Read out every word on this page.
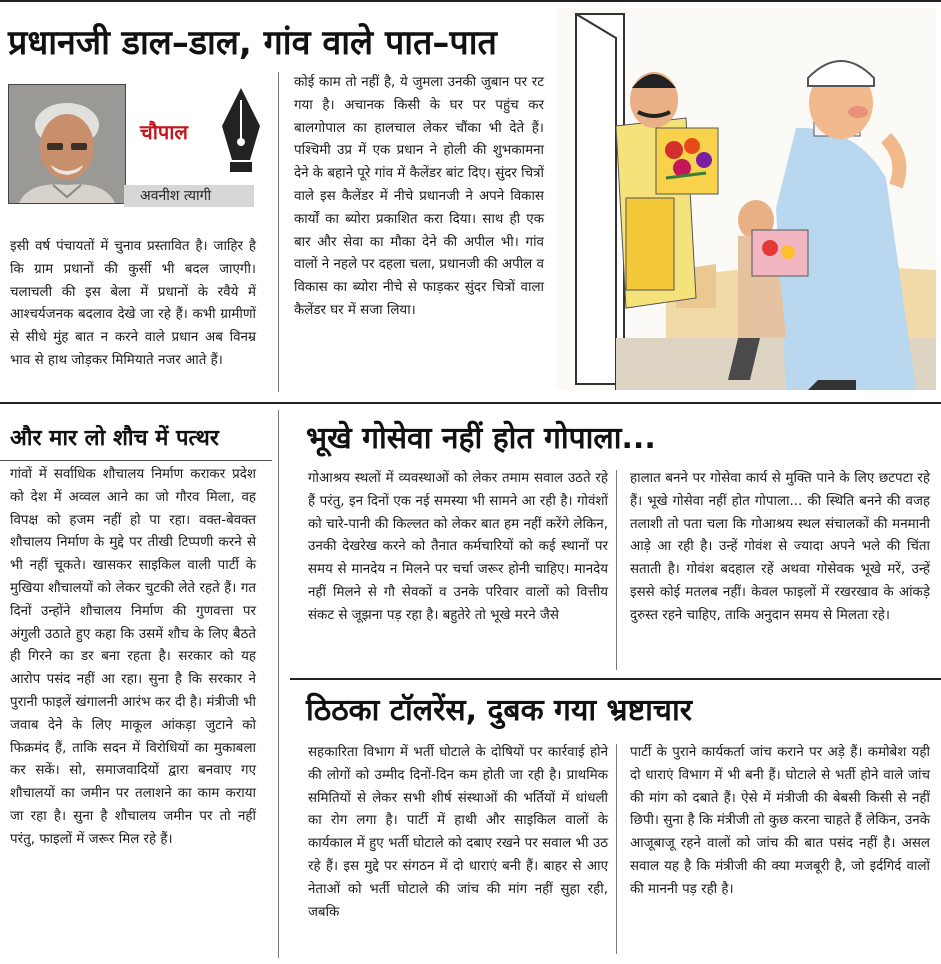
प्रधानजी डाल–डाल, गांव वाले पात–पात
चौपाल
अवनीश त्यागी
इसी वर्ष पंचायतों में चुनाव प्रस्तावित है। जाहिर है कि ग्राम प्रधानों की कुर्सी भी बदल जाएगी। चलाचली की इस बेला में प्रधानों के रवैये में आश्चर्यजनक बदलाव देखे जा रहे हैं। कभी ग्रामीणों से सीधे मुंह बात न करने वाले प्रधान अब विनम्र भाव से हाथ जोड़कर मिमियाते नजर आते हैं।
कोई काम तो नहीं है, ये जुमला उनकी जुबान पर रट गया है। अचानक किसी के घर पर पहुंच कर बालगोपाल का हालचाल लेकर चौंका भी देते हैं। पश्चिमी उप्र में एक प्रधान ने होली की शुभकामना देने के बहाने पूरे गांव में कैलेंडर बांट दिए। सुंदर चित्रों वाले इस कैलेंडर में नीचे प्रधानजी ने अपने विकास कार्यों का ब्योरा प्रकाशित करा दिया। साथ ही एक बार और सेवा का मौका देने की अपील भी। गांव वालों ने नहले पर दहला चला, प्रधानजी की अपील व विकास का ब्योरा नीचे से फाड़कर सुंदर चित्रों वाला कैलेंडर घर में सजा लिया।
और मार लो शौच में पत्थर
गांवों में सर्वाधिक शौचालय निर्माण कराकर प्रदेश को देश में अव्वल आने का जो गौरव मिला, वह विपक्ष को हजम नहीं हो पा रहा। वक्त-बेवक्त शौचालय निर्माण के मुद्दे पर तीखी टिप्पणी करने से भी नहीं चूकते। खासकर साइकिल वाली पार्टी के मुखिया शौचालयों को लेकर चुटकी लेते रहते हैं। गत दिनों उन्होंने शौचालय निर्माण की गुणवत्ता पर अंगुली उठाते हुए कहा कि उसमें शौच के लिए बैठते ही गिरने का डर बना रहता है। सरकार को यह आरोप पसंद नहीं आ रहा। सुना है कि सरकार ने पुरानी फाइलें खंगालनी आरंभ कर दी है। मंत्रीजी भी जवाब देने के लिए माकूल आंकड़ा जुटाने को फिक्रमंद हैं, ताकि सदन में विरोधियों का मुकाबला कर सकें। सो, समाजवादियों द्वारा बनवाए गए शौचालयों का जमीन पर तलाशने का काम कराया जा रहा है। सुना है शौचालय जमीन पर तो नहीं परंतु, फाइलों में जरूर मिल रहे हैं।
भूखे गोसेवा नहीं होत गोपाला...
गोआश्रय स्थलों में व्यवस्थाओं को लेकर तमाम सवाल उठते रहे हैं परंतु, इन दिनों एक नई समस्या भी सामने आ रही है। गोवंशों को चारे-पानी की किल्लत को लेकर बात हम नहीं करेंगे लेकिन, उनकी देखरेख करने को तैनात कर्मचारियों को कई स्थानों पर समय से मानदेय न मिलने पर चर्चा जरूर होनी चाहिए। मानदेय नहीं मिलने से गौ सेवकों व उनके परिवार वालों को वित्तीय संकट से जूझना पड़ रहा है। बहुतेरे तो भूखे मरने जैसे
हालात बनने पर गोसेवा कार्य से मुक्ति पाने के लिए छटपटा रहे हैं। भूखे गोसेवा नहीं होत गोपाला... की स्थिति बनने की वजह तलाशी तो पता चला कि गोआश्रय स्थल संचालकों की मनमानी आड़े आ रही है। उन्हें गोवंश से ज्यादा अपने भले की चिंता सताती है। गोवंश बदहाल रहें अथवा गोसेवक भूखे मरें, उन्हें इससे कोई मतलब नहीं। केवल फाइलों में रखरखाव के आंकड़े दुरुस्त रहने चाहिए, ताकि अनुदान समय से मिलता रहे।
ठिठका टॉलरेंस, दुबक गया भ्रष्टाचार
सहकारिता विभाग में भर्ती घोटाले के दोषियों पर कार्रवाई होने की लोगों को उम्मीद दिनों-दिन कम होती जा रही है। प्राथमिक समितियों से लेकर सभी शीर्ष संस्थाओं की भर्तियों में धांधली का रोग लगा है। पार्टी में हाथी और साइकिल वालों के कार्यकाल में हुए भर्ती घोटाले को दबाए रखने पर सवाल भी उठ रहे हैं। इस मुद्दे पर संगठन में दो धाराएं बनी हैं। बाहर से आए नेताओं को भर्ती घोटाले की जांच की मांग नहीं सुहा रही, जबकि
पार्टी के पुराने कार्यकर्ता जांच कराने पर अड़े हैं। कमोबेश यही दो धाराएं विभाग में भी बनी हैं। घोटाले से भर्ती होने वाले जांच की मांग को दबाते हैं। ऐसे में मंत्रीजी की बेबसी किसी से नहीं छिपी। सुना है कि मंत्रीजी तो कुछ करना चाहते हैं लेकिन, उनके आजूबाजू रहने वालों को जांच की बात पसंद नहीं है। असल सवाल यह है कि मंत्रीजी की क्या मजबूरी है, जो इर्दगिर्द वालों की माननी पड़ रही है।
